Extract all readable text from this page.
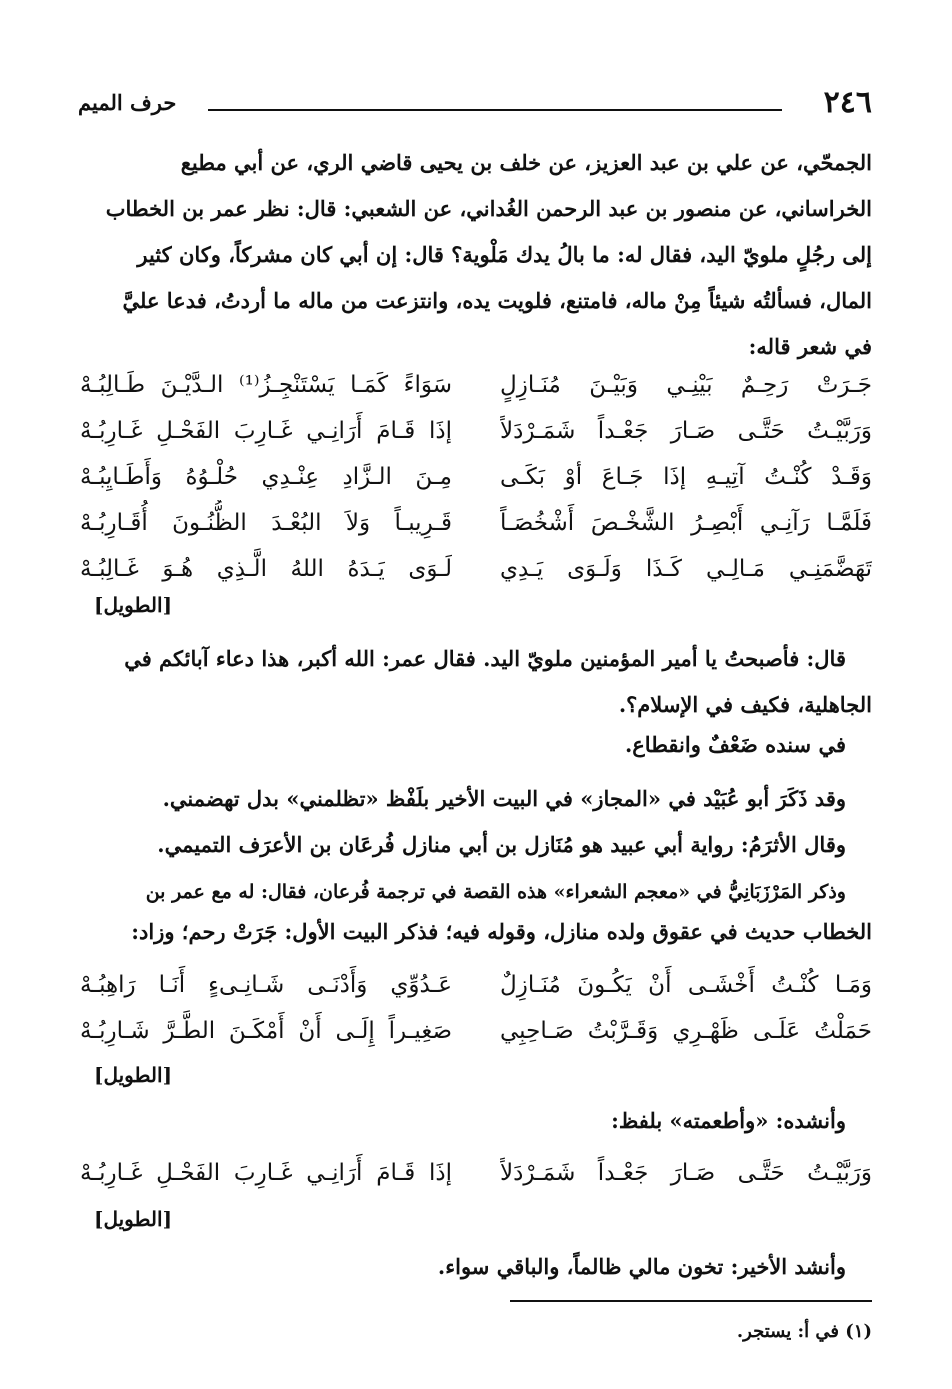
٢٤٦
حرف الميم

الجمحّي، عن علي بن عبد العزيز، عن خلف بن يحيى قاضي الري، عن أبي مطيع

الخراساني، عن منصور بن عبد الرحمن الغُداني، عن الشعبي: قال: نظر عمر بن الخطاب

إلى رجُلٍ ملويّ اليد، فقال له: ما بالُ يدك مَلْوية؟ قال: إن أبي كان مشركاً، وكان كثير

المال، فسألتُه شيئاً مِنْ ماله، فامتنع، فلويت يده، وانتزعت من ماله ما أردتُ، فدعا عليَّ

في شعر قاله:

جَـرَتْ رَحِـمٌ بَيْنِـي وَبَيْـنَ مُنَـازِلٍ
سَوَاءً كَمَـا يَسْتَنْجِـزُ⁽¹⁾ الـدَّيْـنَ طَـالِبُـهْ
وَرَبَّيْـتُ حَتَّـى صَـارَ جَعْـداً شَمَـرْدَلاً
إذَا قَـامَ أَرَانِـي غَـارِبَ الفَحْـلِ غَـارِبُـهْ
وَقَـدْ كُنْـتُ آتِيـهِ إذَا جَـاعَ أوْ بَكَـى
مِـنَ الـزَّادِ عِنْـدِي حُلْـوُهُ وَأَطَـايِبُـهْ
فَلَمَّـا رَآنِـي أَبْصِـرُ الشَّخْـصَ أَشْخُصَـاً
قَـرِيبـاً وَلاَ البُعْـدَ الظُّنُـونَ أُقَـارِبُـهْ
تَهَضَّمَنِـي مَـالِـي كَـذَا وَلَـوَى يَـدِي
لَـوَى يَـدَهُ اللهُ الَّـذِي هُـوَ غَـالِبُـهْ
[الطويل]

قال: فأصبحتُ يا أمير المؤمنين ملويّ اليد. فقال عمر: الله أكبر، هذا دعاء آبائكم في

الجاهلية، فكيف في الإسلام؟.

في سنده ضَعْفٌ وانقطاع.

وقد ذَكَرَ أبو عُبَيْد في «المجاز» في البيت الأخير بلَفْظ «تظلمني» بدل تهضمني.

وقال الأثرَمُ: رواية أبي عبيد هو مُنَازل بن أبي منازل فُرعَان بن الأعرَف التميمي.

وذكر المَرْزَبَانِيُّ في «معجم الشعراء» هذه القصة في ترجمة فُرعان، فقال: له مع عمر بن

الخطاب حديث في عقوق ولده منازل، وقوله فيه؛ فذكر البيت الأول: جَرَتْ رحم؛ وزاد:

وَمَـا كُنْـتُ أَخْشَـى أَنْ يَكُـونَ مُنَـازِلٌ
عَـدُوِّي وَأَدْنَـى شَـانِـىءٍ أَنَـا رَاهِبُـهْ
حَمَلْتُ عَلَـى ظَهْـرِي وَقَـرَّبْتُ صَـاحِبِي
صَغِيـراً إِلَـى أَنْ أَمْكَـنَ الطَّـرَّ شَـارِبُـهْ
[الطويل]

وأنشده: «وأطعمته» بلفظ:

وَرَبَّيْـتُ حَتَّـى صَـارَ جَعْـداً شَمَـرْدَلاً
إذَا قَـامَ أَرَانِـي غَـارِبَ الفَحْـلِ غَـارِبُـهْ
[الطويل]

وأنشد الأخير: تخون مالي ظالماً، والباقي سواء.

(١) في أ: يستجر.
